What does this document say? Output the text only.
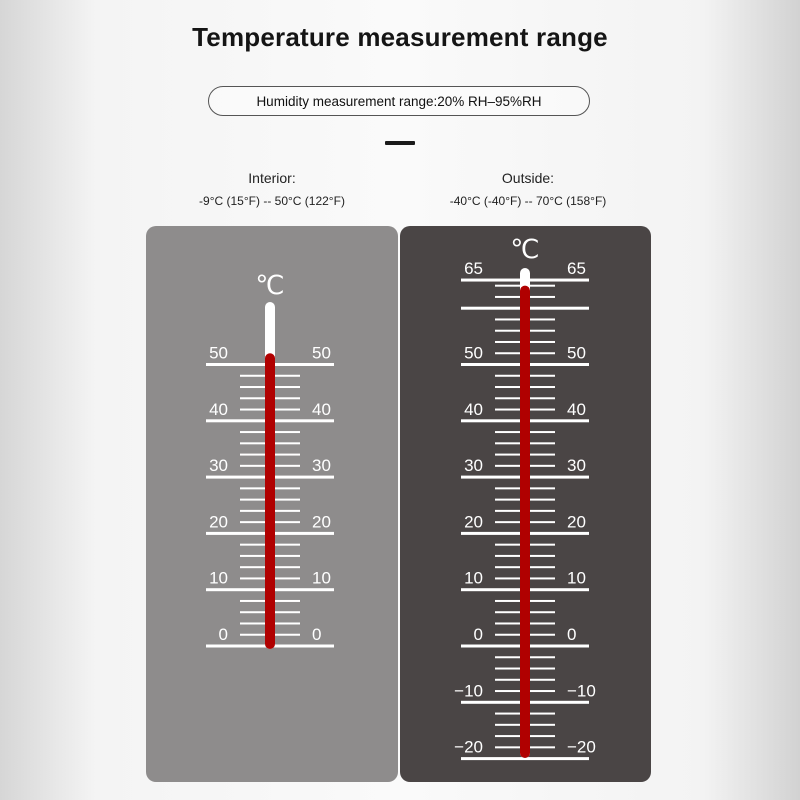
Temperature measurement range
Humidity measurement range:20% RH–95%RH
Interior:
-9°C (15°F) -- 50°C (122°F)
Outside:
-40°C (-40°F) -- 70°C (158°F)
℃
50	50
40	40
30	30
20	20
10	10
0	0
℃
65	65
50	50
40	40
30	30
20	20
10	10
0	0
−10	−10
−20	−20
